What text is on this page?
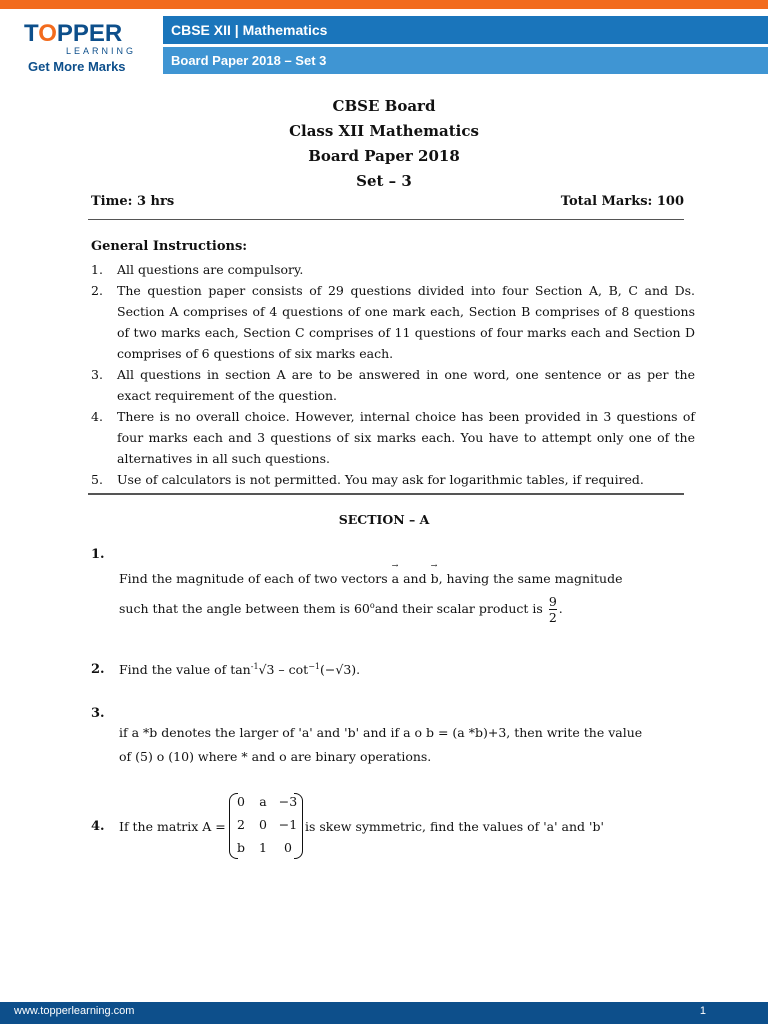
TOPPER
LEARNING
Get More Marks
CBSE XII | Mathematics
Board Paper 2018 – Set 3
CBSE Board
Class XII Mathematics
Board Paper 2018
Set – 3
Time: 3 hrs	Total Marks: 100
General Instructions:
1. All questions are compulsory.
2. The question paper consists of 29 questions divided into four Section A, B, C and Ds. Section A comprises of 4 questions of one mark each, Section B comprises of 8 questions of two marks each, Section C comprises of 11 questions of four marks each and Section D comprises of 6 questions of six marks each.
3. All questions in section A are to be answered in one word, one sentence or as per the exact requirement of the question.
4. There is no overall choice. However, internal choice has been provided in 3 questions of four marks each and 3 questions of six marks each. You have to attempt only one of the alternatives in all such questions.
5. Use of calculators is not permitted. You may ask for logarithmic tables, if required.
SECTION – A
1.
Find the magnitude of each of two vectors a → and b →, having the same magnitude
such that the angle between them is 60$^o$and their scalar product is $\frac{9}{2}$ .
2. Find the value of $\tan^{-1}√3 - \cot^{-1}(-√3)$.
3.
if a *b denotes the larger of 'a' and 'b' and if a o b = (a *b)+3, then write the value
of (5) o (10) where * and o are binary operations.
4. If the matrix A =
0	a −3
2	0 −1
b	1	0
is skew symmetric, find the values of 'a' and 'b'
www.topperlearning.com	1
